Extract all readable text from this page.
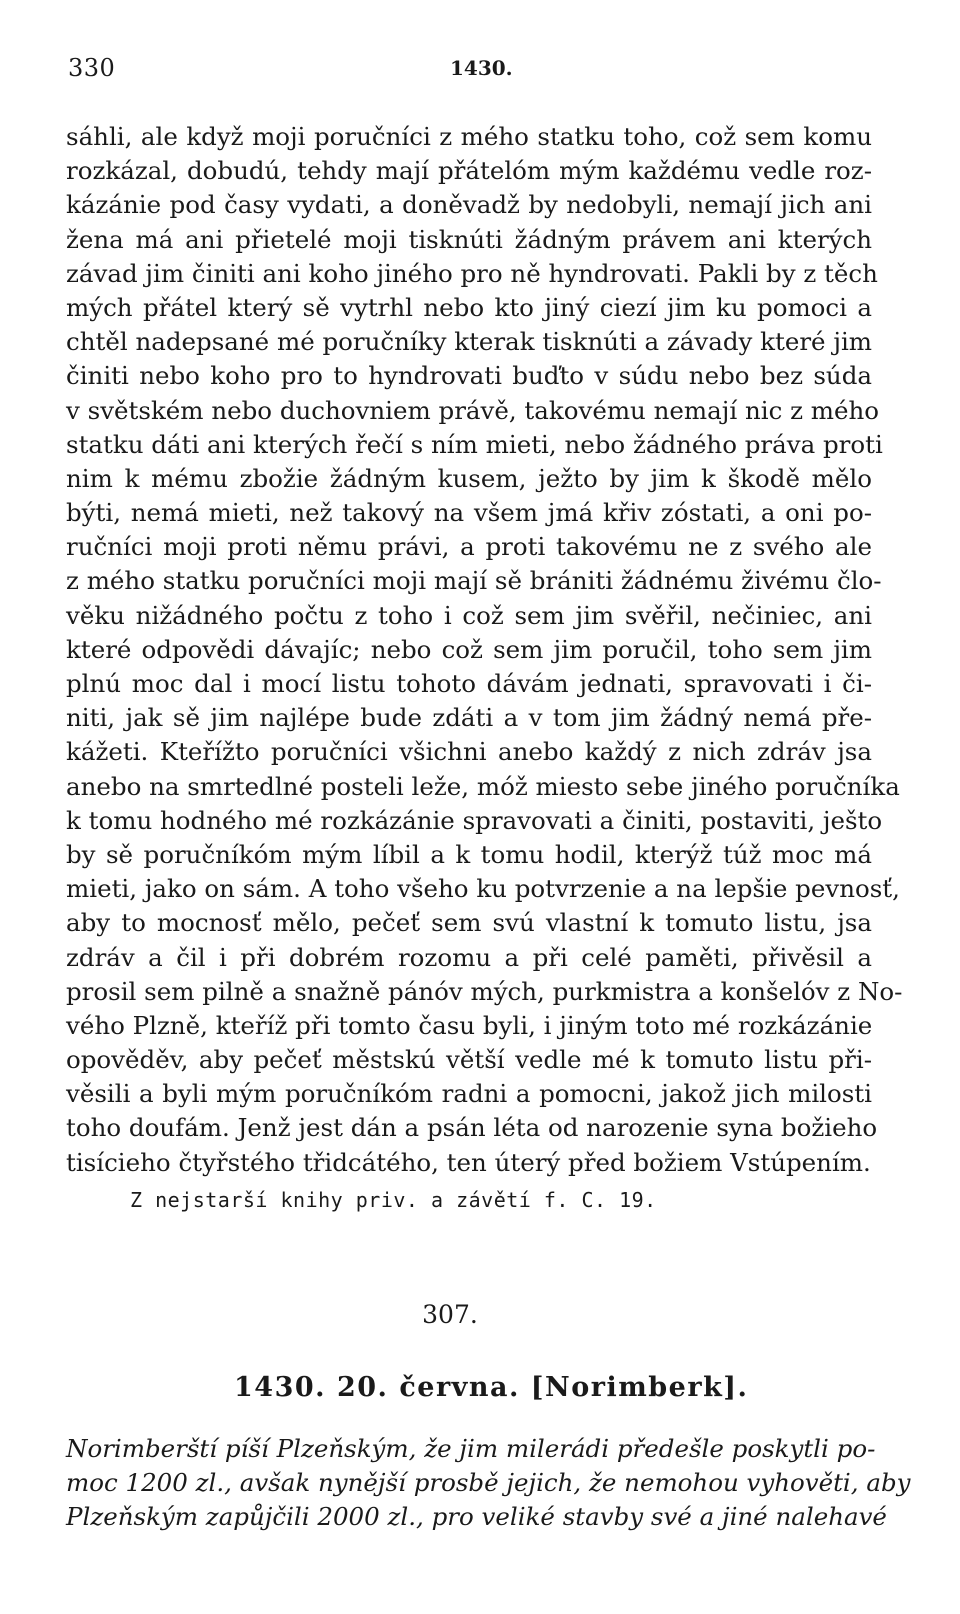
330	1430.
sáhli, ale když moji poručníci z mého statku toho, což sem komu
rozkázal, dobudú, tehdy mají přátelóm mým každému vedle roz-
kázánie pod časy vydati, a doněvadž by nedobyli, nemají jich ani
žena má ani přietelé moji tisknúti žádným právem ani kterých
závad jim činiti ani koho jiného pro ně hyndrovati. Pakli by z těch
mých přátel který sě vytrhl nebo kto jiný ciezí jim ku pomoci a
chtěl nadepsané mé poručníky kterak tisknúti a závady které jim
činiti nebo koho pro to hyndrovati buďto v súdu nebo bez súda
v světském nebo duchovniem právě, takovému nemají nic z mého
statku dáti ani kterých řečí s ním mieti, nebo žádného práva proti
nim k mému zbožie žádným kusem, ježto by jim k škodě mělo
býti, nemá mieti, než takový na všem jmá křiv zóstati, a oni po-
ručníci moji proti němu právi, a proti takovému ne z svého ale
z mého statku poručníci moji mají sě brániti žádnému živému člo-
věku nižádného počtu z toho i což sem jim svěřil, nečiniec, ani
které odpovědi dávajíc; nebo což sem jim poručil, toho sem jim
plnú moc dal i mocí listu tohoto dávám jednati, spravovati i či-
niti, jak sě jim najlépe bude zdáti a v tom jim žádný nemá pře-
kážeti. Kteřížto poručníci všichni anebo každý z nich zdráv jsa
anebo na smrtedlné posteli leže, móž miesto sebe jiného poručníka
k tomu hodného mé rozkázánie spravovati a činiti, postaviti, ješto
by sě poručníkóm mým líbil a k tomu hodil, kterýž túž moc má
mieti, jako on sám. A toho všeho ku potvrzenie a na lepšie pevnosť,
aby to mocnosť mělo, pečeť sem svú vlastní k tomuto listu, jsa
zdráv a čil i při dobrém rozomu a při celé paměti, přivěsil a
prosil sem pilně a snažně pánóv mých, purkmistra a konšelóv z No-
vého Plzně, kteříž při tomto času byli, i jiným toto mé rozkázánie
opověděv, aby pečeť městskú větší vedle mé k tomuto listu při-
věsili a byli mým poručníkóm radni a pomocni, jakož jich milosti
toho doufám. Jenž jest dán a psán léta od narozenie syna božieho
tisícieho čtyřstého třidcátého, ten úterý před božiem Vstúpením.
Z nejstarší knihy priv. a závětí f. C. 19.
307.
1430. 20. června. [Norimberk].
Norimberští píší Plzeňským, že jim milerádi předešle poskytli po-
moc 1200 zl., avšak nynější prosbě jejich, že nemohou vyhověti, aby
Plzeňským zapůjčili 2000 zl., pro veliké stavby své a jiné nalehavé
